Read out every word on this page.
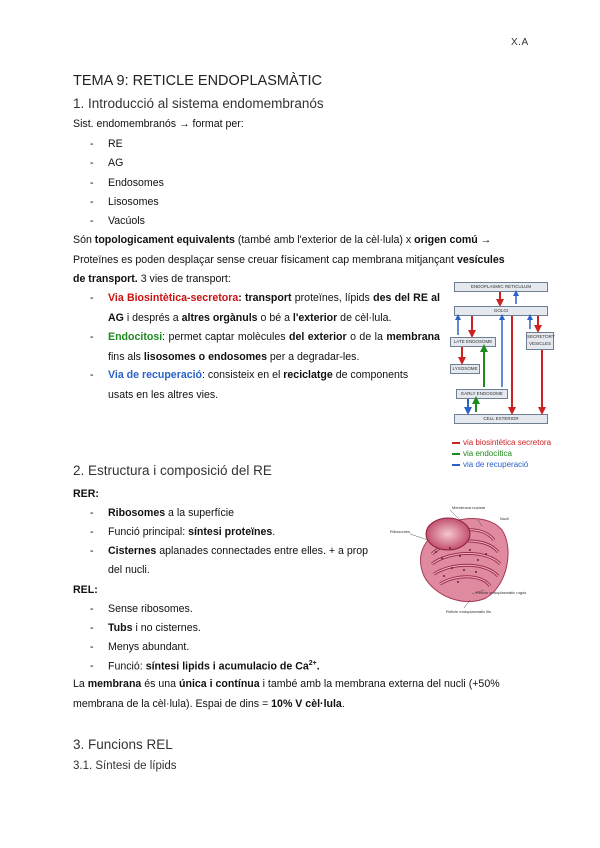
X.A
TEMA 9: RETICLE ENDOPLASMÀTIC
1. Introducció al sistema endomembranós
Sist. endomembranós → format per:
- RE
- AG
- Endosomes
- Lisosomes
- Vacúols
Són topologicament equivalents (també amb l'exterior de la cèl·lula) x origen comú →
Proteïnes es poden desplaçar sense creuar físicament cap membrana mitjançant vesícules
de transport. 3 vies de transport:
- Via Biosintètica-secretora: transport proteïnes, lípids des del RE al AG i després a altres orgànuls o bé a l'exterior de cèl·lula.
- Endocitosi: permet captar molècules del exterior o de la membrana fins als lisosomes o endosomes per a degradar-les.
- Via de recuperació: consisteix en el reciclatge de components
usats en les altres vies.
ENDOPLASMIC RETICULUM
GOLGI
LATE ENDOSOME
SECRETORY VESICLES
LYSOSOME
EARLY ENDOSOME
CELL EXTERIOR
via biosintètica secretora
via endocítica
via de recuperació
2. Estructura i composició del RE
RER:
- Ribosomes a la superfície
- Funció principal: síntesi proteïnes.
- Cisternes aplanades connectades entre elles. + a prop
del nucli.
REL:
- Sense ribosomes.
- Tubs i no cisternes.
- Menys abundant.
- Funció: síntesi lipids i acumulacio de $Ca^{2+}$.
Membrana nuclear
Nucli
Ribosomes
Reticle endoplasmàtic rugós
Reticle endoplasmàtic llis
La membrana és una única i contínua i també amb la membrana externa del nucli (+50%
membrana de la cèl·lula). Espai de dins = 10% V cèl·lula.
3. Funcions REL
3.1. Síntesi de lípids
